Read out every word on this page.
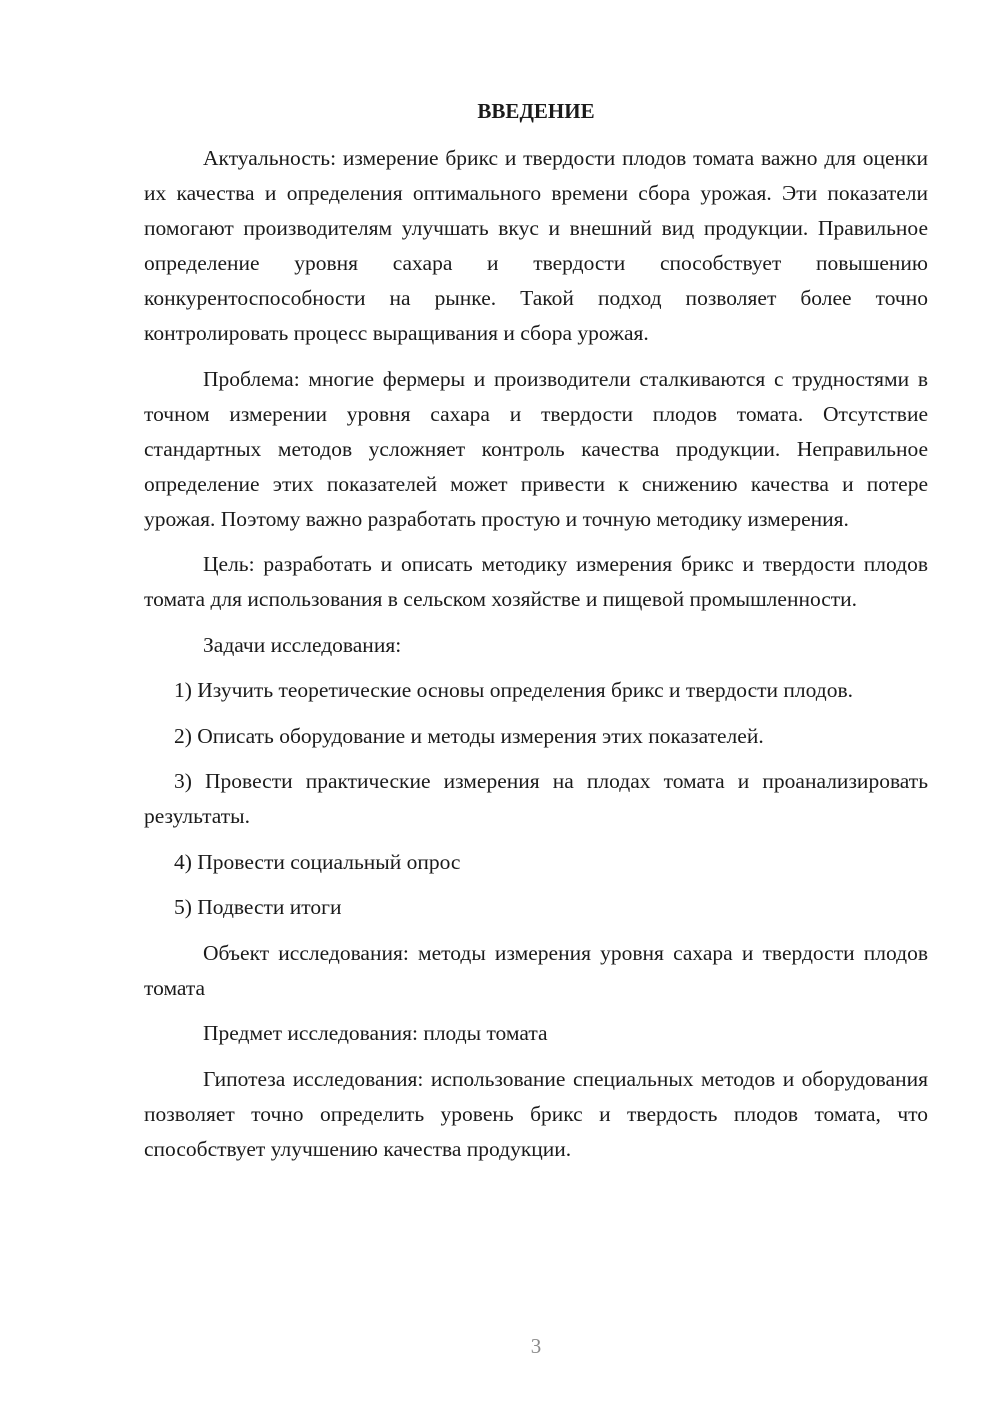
ВВЕДЕНИЕ

Актуальность: измерение брикс и твердости плодов томата важно для оценки их качества и определения оптимального времени сбора урожая. Эти показатели помогают производителям улучшать вкус и внешний вид продукции. Правильное определение уровня сахара и твердости способствует повышению конкурентоспособности на рынке. Такой подход позволяет более точно контролировать процесс выращивания и сбора урожая.

Проблема: многие фермеры и производители сталкиваются с трудностями в точном измерении уровня сахара и твердости плодов томата. Отсутствие стандартных методов усложняет контроль качества продукции. Неправильное определение этих показателей может привести к снижению качества и потере урожая. Поэтому важно разработать простую и точную методику измерения.

Цель: разработать и описать методику измерения брикс и твердости плодов томата для использования в сельском хозяйстве и пищевой промышленности.

Задачи исследования:

1) Изучить теоретические основы определения брикс и твердости плодов.

2) Описать оборудование и методы измерения этих показателей.

3) Провести практические измерения на плодах томата и проанализировать результаты.

4) Провести социальный опрос

5) Подвести итоги

Объект исследования: методы измерения уровня сахара и твердости плодов томата

Предмет исследования: плоды томата

Гипотеза исследования: использование специальных методов и оборудования позволяет точно определить уровень брикс и твердость плодов томата, что способствует улучшению качества продукции.

3
